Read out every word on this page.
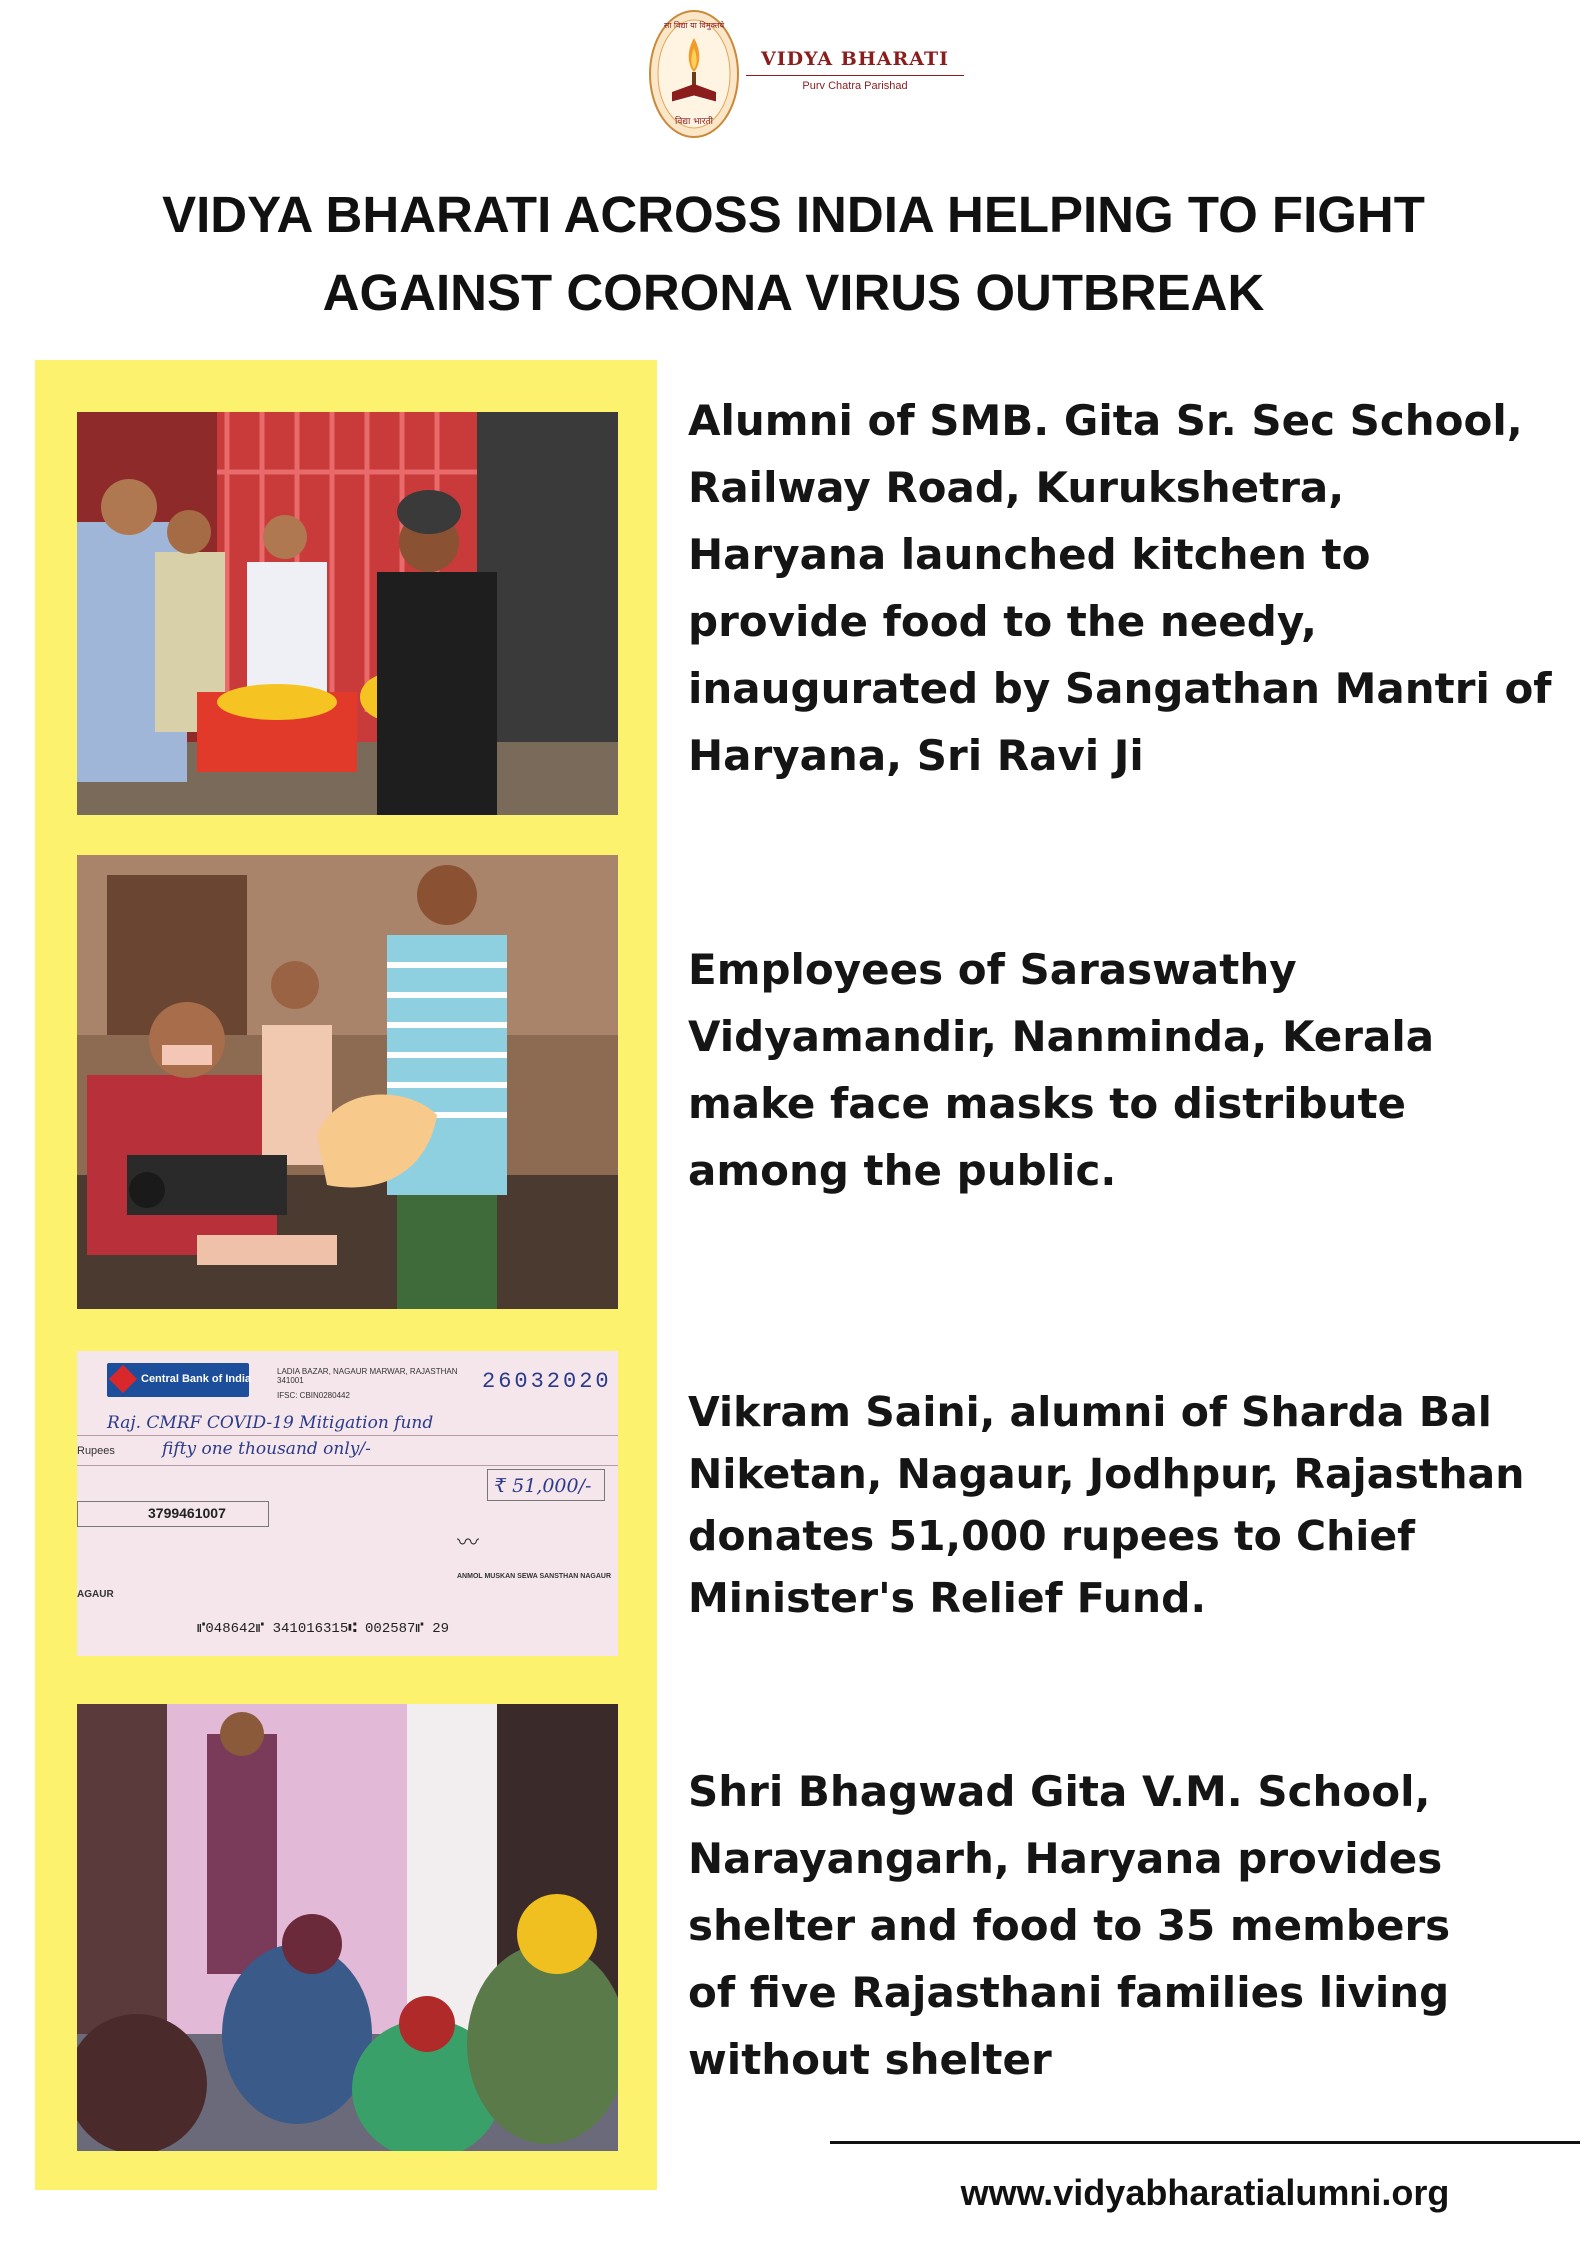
सा विद्या या विमुक्तये
विद्या भारती
VIDYA BHARATI
Purv Chatra Parishad
VIDYA BHARATI ACROSS INDIA HELPING TO FIGHT
AGAINST CORONA VIRUS OUTBREAK
Central Bank of India
LADIA BAZAR, NAGAUR MARWAR, RAJASTHAN 341001
IFSC: CBIN0280442
26032020
Raj. CMRF COVID-19 Mitigation fund
Rupees	fifty one thousand only/-
₹ 51,000/-
3799461007
〰
ANMOL MUSKAN SEWA SANSTHAN NAGAUR
AGAUR
⑈048642⑈ 341016315⑆ 002587⑈ 29
Alumni of SMB. Gita Sr. Sec School,
Railway Road, Kurukshetra,
Haryana launched kitchen to
provide food to the needy,
inaugurated by Sangathan Mantri of
Haryana, Sri Ravi Ji
Employees of Saraswathy
Vidyamandir, Nanminda, Kerala
make face masks to distribute
among the public.
Vikram Saini, alumni of Sharda Bal
Niketan, Nagaur, Jodhpur, Rajasthan
donates 51,000 rupees to Chief
Minister's Relief Fund.
Shri Bhagwad Gita V.M. School,
Narayangarh, Haryana provides
shelter and food to 35 members
of five Rajasthani families living
without shelter
www.vidyabharatialumni.org
